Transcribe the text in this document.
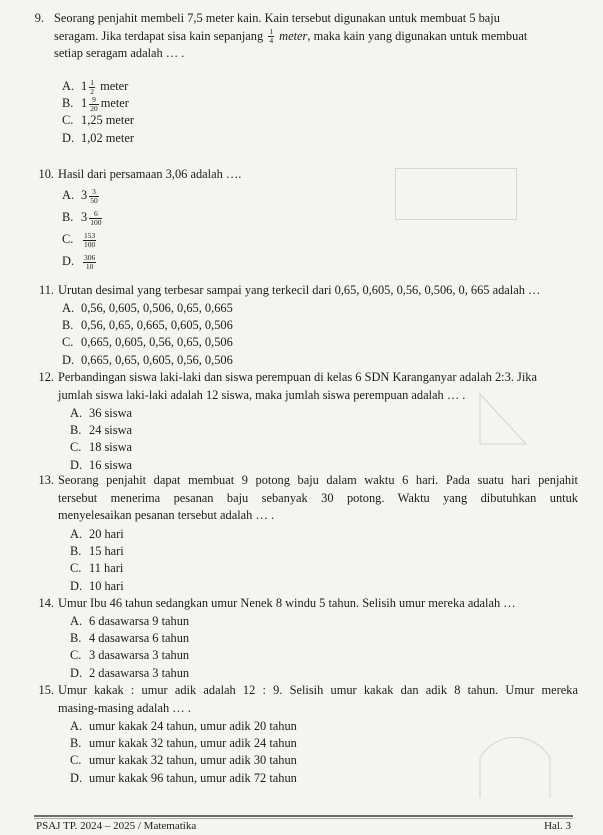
9. Seorang penjahit membeli 7,5 meter kain. Kain tersebut digunakan untuk membuat 5 baju
seragam. Jika terdapat sisa kain sepanjang $\frac{1}{4}$ meter, maka kain yang digunakan untuk membuat
setiap seragam adalah … .
A. $1 \frac{1}{2}$ meter
B. $1 \frac{9}{20}$ meter
C. 1,25 meter
D. 1,02 meter
10. Hasil dari persamaan 3,06 adalah ….
A. $3 \frac{3}{50}$
B. $3 \frac{6}{100}$
C. $\frac{153}{100}$
D. $\frac{306}{10}$
11. Urutan desimal yang terbesar sampai yang terkecil dari 0,65, 0,605, 0,56, 0,506, 0, 665 adalah …
A. 0,56, 0,605, 0,506, 0,65, 0,665
B. 0,56, 0,65, 0,665, 0,605, 0,506
C. 0,665, 0,605, 0,56, 0,65, 0,506
D. 0,665, 0,65, 0,605, 0,56, 0,506
12. Perbandingan siswa laki-laki dan siswa perempuan di kelas 6 SDN Karanganyar adalah 2:3. Jika
jumlah siswa laki-laki adalah 12 siswa, maka jumlah siswa perempuan adalah … .
A. 36 siswa
B. 24 siswa
C. 18 siswa
D. 16 siswa
13. Seorang penjahit dapat membuat 9 potong baju dalam waktu 6 hari. Pada suatu hari penjahit
tersebut menerima pesanan baju sebanyak 30 potong. Waktu yang dibutuhkan untuk
menyelesaikan pesanan tersebut adalah … .
A. 20 hari
B. 15 hari
C. 11 hari
D. 10 hari
14. Umur Ibu 46 tahun sedangkan umur Nenek 8 windu 5 tahun. Selisih umur mereka adalah …
A. 6 dasawarsa 9 tahun
B. 4 dasawarsa 6 tahun
C. 3 dasawarsa 3 tahun
D. 2 dasawarsa 3 tahun
15. Umur kakak : umur adik adalah 12 : 9. Selisih umur kakak dan adik 8 tahun. Umur mereka
masing-masing adalah … .
A. umur kakak 24 tahun, umur adik 20 tahun
B. umur kakak 32 tahun, umur adik 24 tahun
C. umur kakak 32 tahun, umur adik 30 tahun
D. umur kakak 96 tahun, umur adik 72 tahun
PSAJ TP. 2024 – 2025 / Matematika	Hal. 3
